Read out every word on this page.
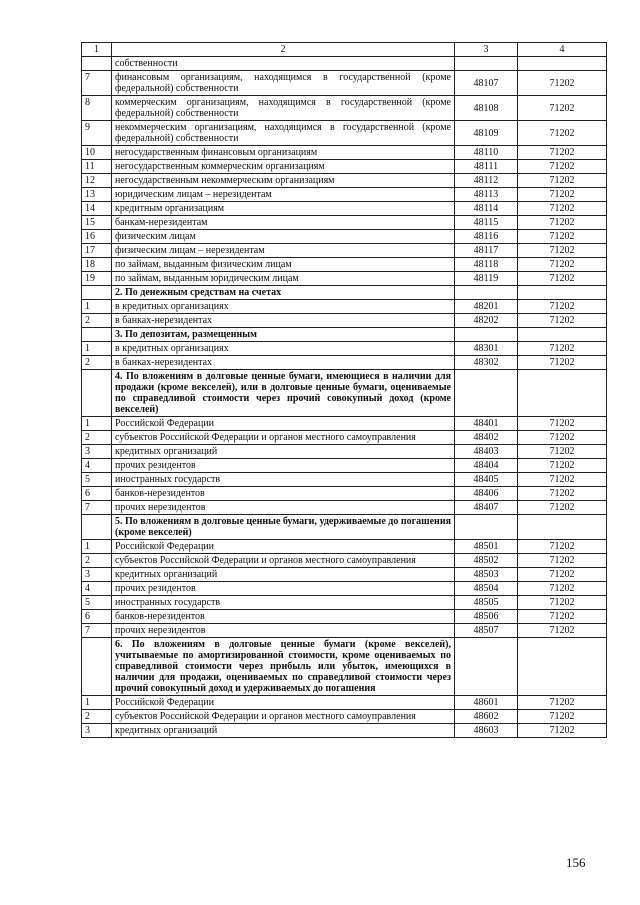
1	2	3	4
	собственности		
7	финансовым организациям, находящимся в государственной (кроме федеральной) собственности	48107	71202
8	коммерческим организациям, находящимся в государственной (кроме федеральной) собственности	48108	71202
9	некоммерческим организациям, находящимся в государственной (кроме федеральной) собственности	48109	71202
10	негосударственным финансовым организациям	48110	71202
11	негосударственным коммерческим организациям	48111	71202
12	негосударственным некоммерческим организациям	48112	71202
13	юридическим лицам – нерезидентам	48113	71202
14	кредитным организациям	48114	71202
15	банкам-нерезидентам	48115	71202
16	физическим лицам	48116	71202
17	физическим лицам – нерезидентам	48117	71202
18	по займам, выданным физическим лицам	48118	71202
19	по займам, выданным юридическим лицам	48119	71202
	2. По денежным средствам на счетах		
1	в кредитных организациях	48201	71202
2	в банках-нерезидентах	48202	71202
	3. По депозитам, размещенным		
1	в кредитных организациях	48301	71202
2	в банках-нерезидентах	48302	71202
	4. По вложениям в долговые ценные бумаги, имеющиеся в наличии для продажи (кроме векселей), или в долговые ценные бумаги, оцениваемые по справедливой стоимости через прочий совокупный доход (кроме векселей)		
1	Российской Федерации	48401	71202
2	субъектов Российской Федерации и органов местного самоуправления	48402	71202
3	кредитных организаций	48403	71202
4	прочих резидентов	48404	71202
5	иностранных государств	48405	71202
6	банков-нерезидентов	48406	71202
7	прочих нерезидентов	48407	71202
	5. По вложениям в долговые ценные бумаги, удерживаемые до погашения (кроме векселей)		
1	Российской Федерации	48501	71202
2	субъектов Российской Федерации и органов местного самоуправления	48502	71202
3	кредитных организаций	48503	71202
4	прочих резидентов	48504	71202
5	иностранных государств	48505	71202
6	банков-нерезидентов	48506	71202
7	прочих нерезидентов	48507	71202
	6. По вложениям в долговые ценные бумаги (кроме векселей), учитываемые по амортизированной стоимости, кроме оцениваемых по справедливой стоимости через прибыль или убыток, имеющихся в наличии для продажи, оцениваемых по справедливой стоимости через прочий совокупный доход и удерживаемых до погашения		
1	Российской Федерации	48601	71202
2	субъектов Российской Федерации и органов местного самоуправления	48602	71202
3	кредитных организаций	48603	71202
156
